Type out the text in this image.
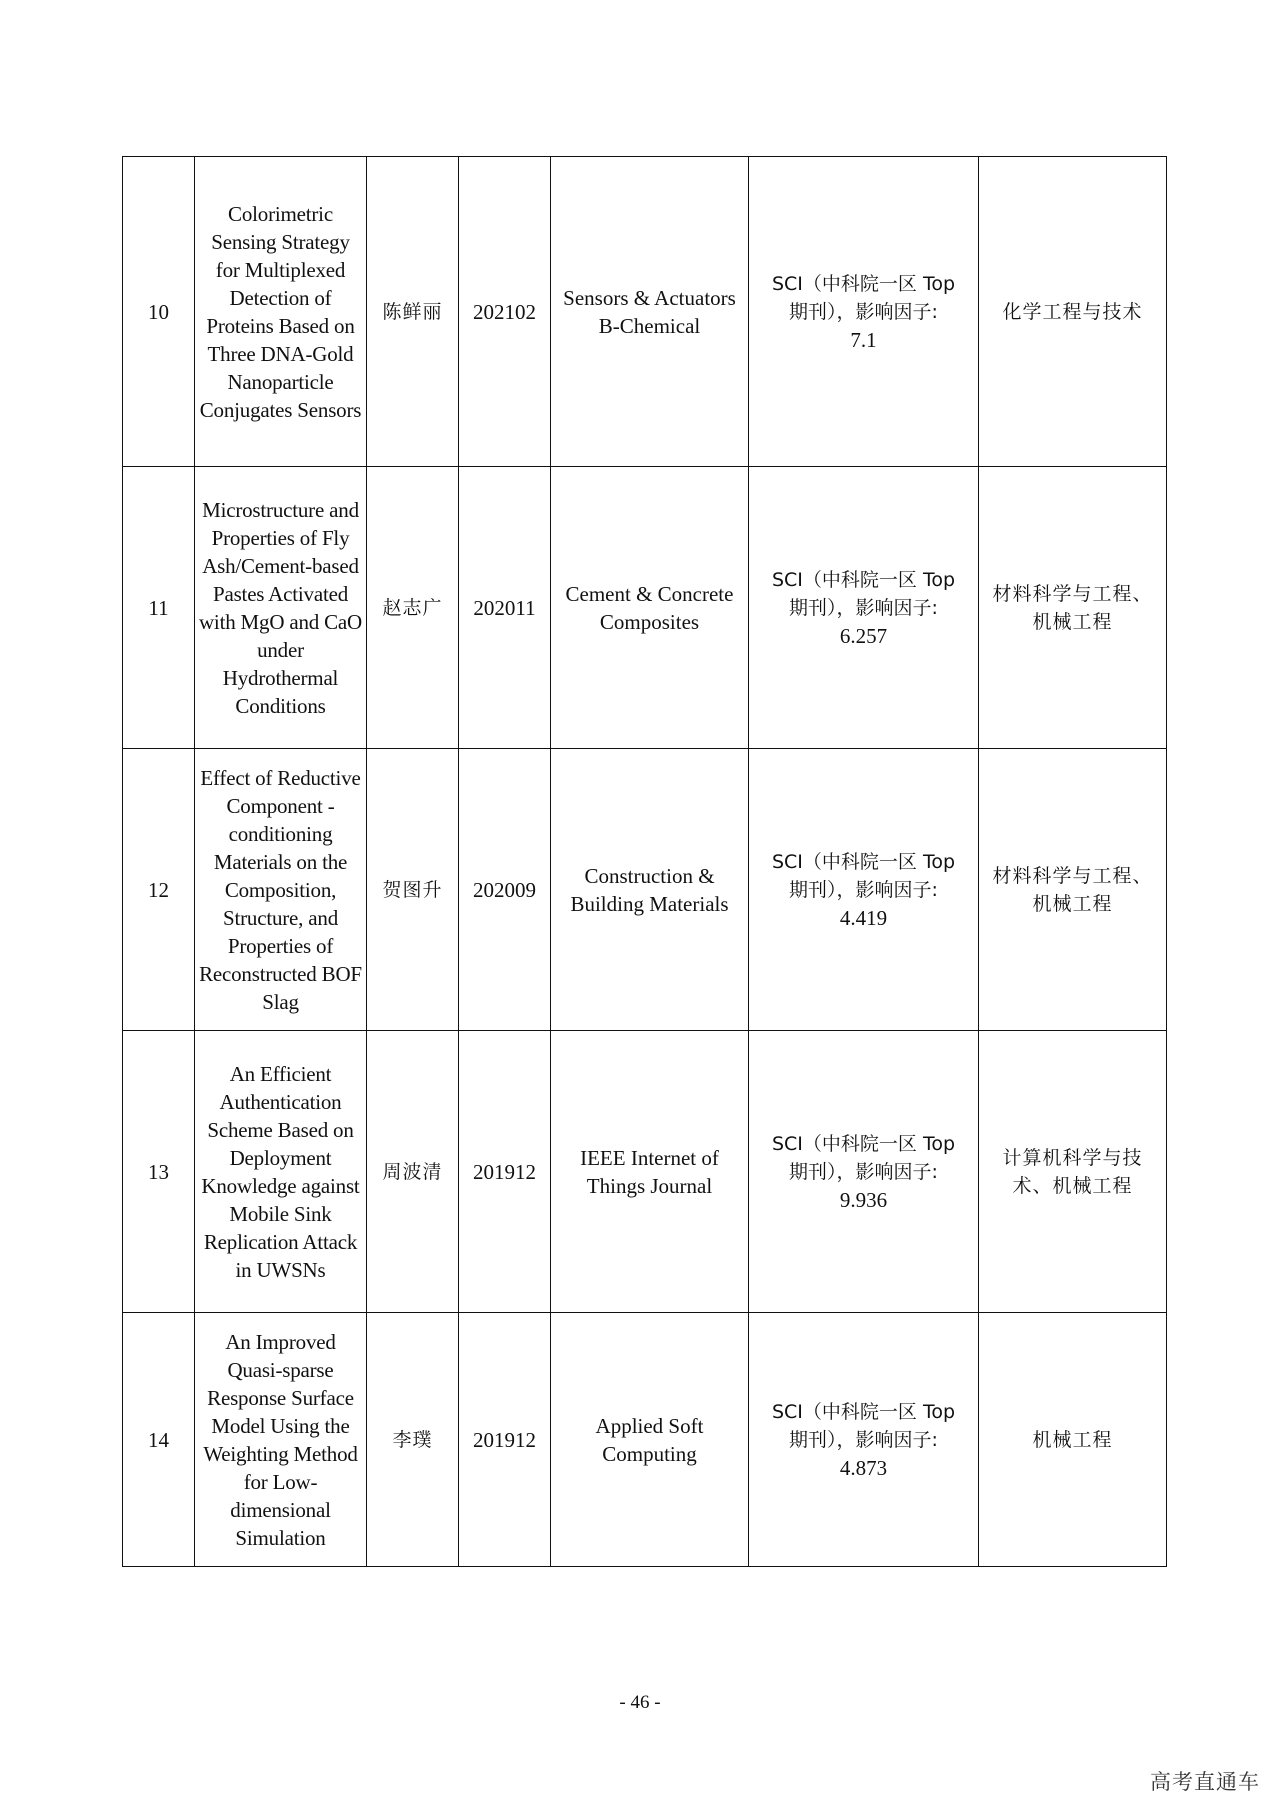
10	Colorimetric Sensing Strategy for Multiplexed Detection of Proteins Based on Three DNA-Gold Nanoparticle Conjugates Sensors	陈鲜丽	202102	Sensors & Actuators B-Chemical	SCI（中科院一区 Top
期刊），影响因子:
7.1	化学工程与技术
11	Microstructure and Properties of Fly Ash/Cement-based Pastes Activated with MgO and CaO under Hydrothermal Conditions	赵志广	202011	Cement & Concrete Composites	SCI（中科院一区 Top
期刊），影响因子:
6.257	材料科学与工程、机械工程
12	Effect of Reductive Component -conditioning Materials on the Composition, Structure, and Properties of Reconstructed BOF Slag	贺图升	202009	Construction & Building Materials	SCI（中科院一区 Top
期刊），影响因子:
4.419	材料科学与工程、机械工程
13	An Efficient Authentication Scheme Based on Deployment Knowledge against Mobile Sink Replication Attack in UWSNs	周波清	201912	IEEE Internet of Things Journal	SCI（中科院一区 Top
期刊），影响因子:
9.936	计算机科学与技术、机械工程
14	An Improved Quasi-sparse Response Surface Model Using the Weighting Method for Low-dimensional Simulation	李璞	201912	Applied Soft Computing	SCI（中科院一区 Top
期刊），影响因子:
4.873	机械工程
- 46 -
高考直通车
